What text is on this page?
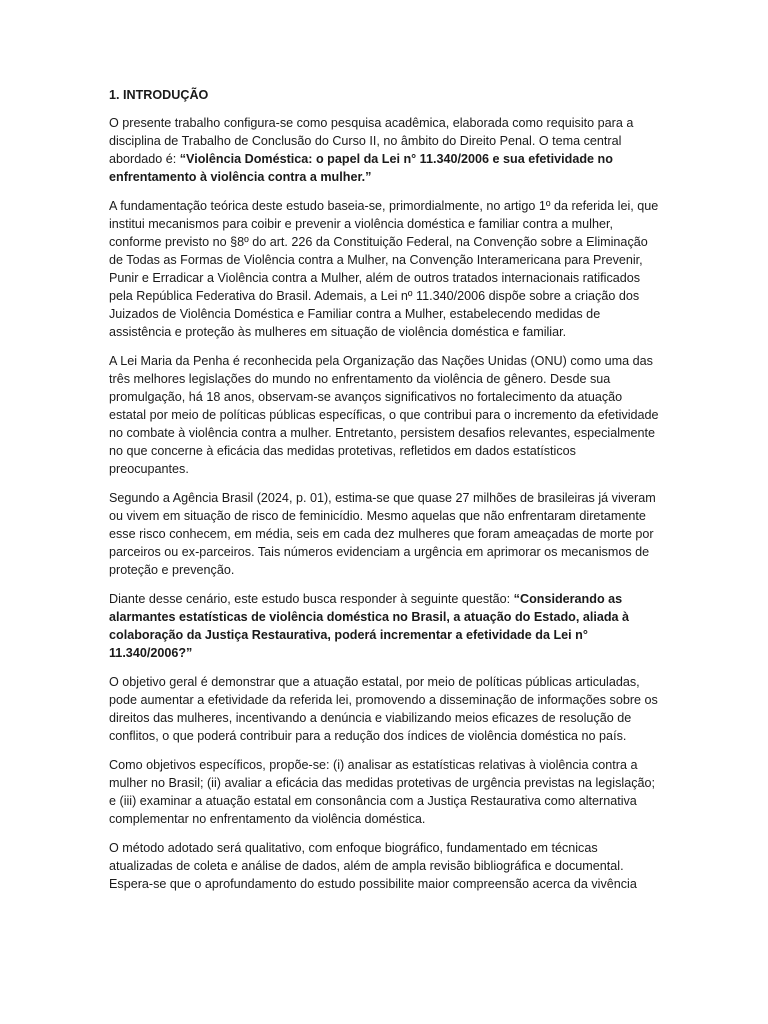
1. INTRODUÇÃO

O presente trabalho configura-se como pesquisa acadêmica, elaborada como requisito para a disciplina de Trabalho de Conclusão do Curso II, no âmbito do Direito Penal. O tema central abordado é: “Violência Doméstica: o papel da Lei n° 11.340/2006 e sua efetividade no enfrentamento à violência contra a mulher.”

A fundamentação teórica deste estudo baseia-se, primordialmente, no artigo 1º da referida lei, que institui mecanismos para coibir e prevenir a violência doméstica e familiar contra a mulher, conforme previsto no §8º do art. 226 da Constituição Federal, na Convenção sobre a Eliminação de Todas as Formas de Violência contra a Mulher, na Convenção Interamericana para Prevenir, Punir e Erradicar a Violência contra a Mulher, além de outros tratados internacionais ratificados pela República Federativa do Brasil. Ademais, a Lei nº 11.340/2006 dispõe sobre a criação dos Juizados de Violência Doméstica e Familiar contra a Mulher, estabelecendo medidas de assistência e proteção às mulheres em situação de violência doméstica e familiar.

A Lei Maria da Penha é reconhecida pela Organização das Nações Unidas (ONU) como uma das três melhores legislações do mundo no enfrentamento da violência de gênero. Desde sua promulgação, há 18 anos, observam-se avanços significativos no fortalecimento da atuação estatal por meio de políticas públicas específicas, o que contribui para o incremento da efetividade no combate à violência contra a mulher. Entretanto, persistem desafios relevantes, especialmente no que concerne à eficácia das medidas protetivas, refletidos em dados estatísticos preocupantes.

Segundo a Agência Brasil (2024, p. 01), estima-se que quase 27 milhões de brasileiras já viveram ou vivem em situação de risco de feminicídio. Mesmo aquelas que não enfrentaram diretamente esse risco conhecem, em média, seis em cada dez mulheres que foram ameaçadas de morte por parceiros ou ex-parceiros. Tais números evidenciam a urgência em aprimorar os mecanismos de proteção e prevenção.

Diante desse cenário, este estudo busca responder à seguinte questão: “Considerando as alarmantes estatísticas de violência doméstica no Brasil, a atuação do Estado, aliada à colaboração da Justiça Restaurativa, poderá incrementar a efetividade da Lei n° 11.340/2006?”

O objetivo geral é demonstrar que a atuação estatal, por meio de políticas públicas articuladas, pode aumentar a efetividade da referida lei, promovendo a disseminação de informações sobre os direitos das mulheres, incentivando a denúncia e viabilizando meios eficazes de resolução de conflitos, o que poderá contribuir para a redução dos índices de violência doméstica no país.

Como objetivos específicos, propõe-se: (i) analisar as estatísticas relativas à violência contra a mulher no Brasil; (ii) avaliar a eficácia das medidas protetivas de urgência previstas na legislação; e (iii) examinar a atuação estatal em consonância com a Justiça Restaurativa como alternativa complementar no enfrentamento da violência doméstica.

O método adotado será qualitativo, com enfoque biográfico, fundamentado em técnicas atualizadas de coleta e análise de dados, além de ampla revisão bibliográfica e documental. Espera-se que o aprofundamento do estudo possibilite maior compreensão acerca da vivência
